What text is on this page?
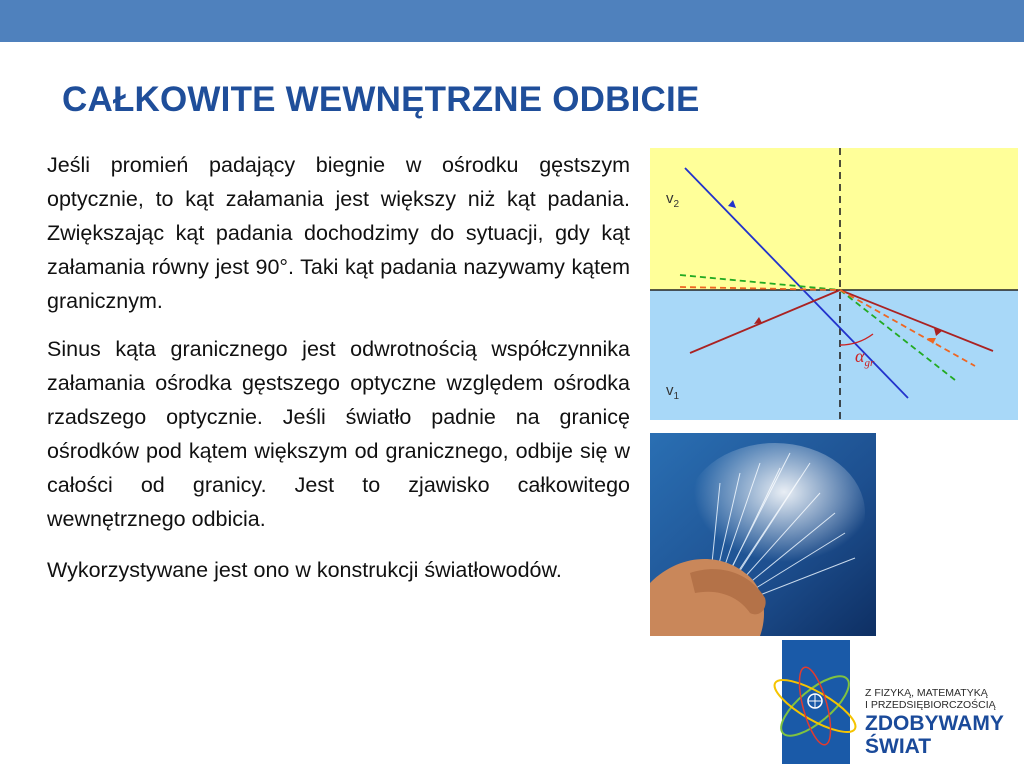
CAŁKOWITE WEWNĘTRZNE ODBICIE

Jeśli promień padający biegnie w ośrodku gęstszym optycznie, to kąt załamania jest większy niż kąt padania. Zwiększając kąt padania dochodzimy do sytuacji, gdy kąt załamania równy jest 90°. Taki kąt padania nazywamy kątem granicznym.

Sinus kąta granicznego jest odwrotnością współczynnika załamania ośrodka gęstszego optyczne względem ośrodka rzadszego optycznie. Jeśli światło padnie na granicę ośrodków pod kątem większym od granicznego, odbije się w całości od granicy. Jest to zjawisko całkowitego wewnętrznego odbicia.

Wykorzystywane jest ono w konstrukcji światłowodów.

$\alpha_{gr}$
$v_2$
$v_1$
Z FIZYKĄ, MATEMATYKĄ
I PRZEDSIĘBIORCZOŚCIĄ
ZDOBYWAMY
ŚWIAT
